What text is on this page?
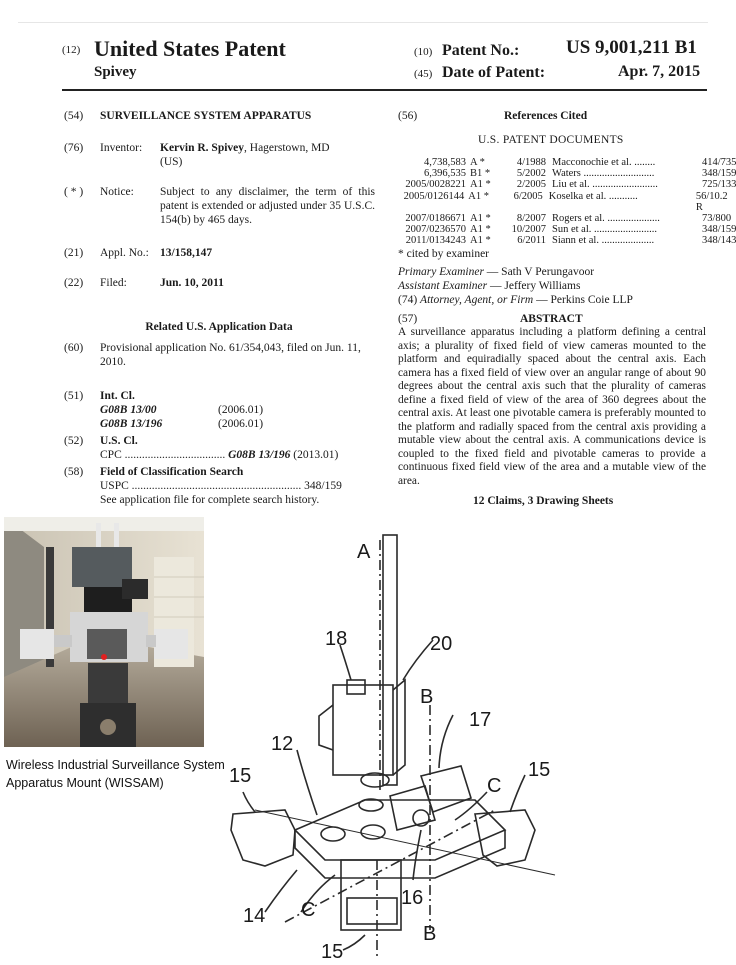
(12) United States Patent
Spivey
(10) Patent No.: US 9,001,211 B1
(45) Date of Patent:	Apr. 7, 2015
(54) SURVEILLANCE SYSTEM APPARATUS
(76) Inventor: Kervin R. Spivey, Hagerstown, MD
(US)
( * ) Notice: Subject to any disclaimer, the term of this patent is extended or adjusted under 35 U.S.C. 154(b) by 465 days.
(21) Appl. No.: 13/158,147
(22) Filed:	Jun. 10, 2011
Related U.S. Application Data
(60) Provisional application No. 61/354,043, filed on Jun. 11, 2010.
(51) Int. Cl.
G08B 13/00	(2006.01)
G08B 13/196	(2006.01)
(52) U.S. Cl.
CPC ................................... G08B 13/196 (2013.01)
(58) Field of Classification Search
USPC ........................................................... 348/159
See application file for complete search history.
(56)	References Cited
U.S. PATENT DOCUMENTS
4,738,583 A *	4/1988 Macconochie et al. ........	414/735
6,396,535 B1 *	5/2002 Waters ...........................	348/159
2005/0028221 A1 *	2/2005 Liu et al. .........................	725/133
2005/0126144 A1 *	6/2005 Koselka et al. ...........	56/10.2 R
2007/0186671 A1 *	8/2007 Rogers et al. ....................	73/800
2007/0236570 A1 *	10/2007 Sun et al. ........................	348/159
2011/0134243 A1 *	6/2011 Siann et al. ....................	348/143
* cited by examiner
Primary Examiner — Sath V Perungavoor
Assistant Examiner — Jeffery Williams
(74) Attorney, Agent, or Firm — Perkins Coie LLP
(57)	ABSTRACT
A surveillance apparatus including a platform defining a central axis; a plurality of fixed field of view cameras mounted to the platform and equiradially spaced about the central axis. Each camera has a fixed field of view over an angular range of about 90 degrees about the central axis such that the plurality of cameras define a fixed field of view of the area of 360 degrees about the central axis. At least one pivotable camera is preferably mounted to the platform and radially spaced from the central axis providing a mutable view about the central axis. A communications device is coupled to the fixed field and pivotable cameras to provide a continuous fixed field view of the area and a mutable view of the area.
12 Claims, 3 Drawing Sheets
Wireless Industrial Surveillance System
Apparatus Mount (WISSAM)
A
18	20
B
17
12
15	15
C
C
14
16
B
15
